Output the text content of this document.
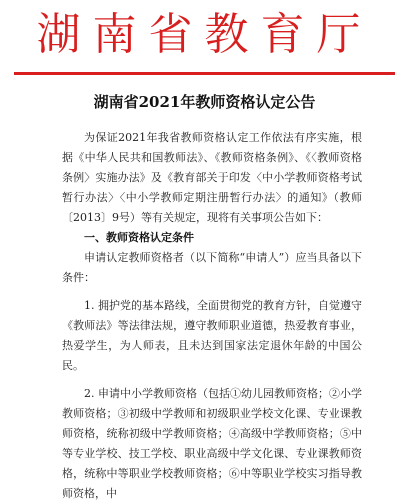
湖南省教育厅
湖南省2021年教师资格认定公告

为保证2021年我省教师资格认定工作依法有序实施，根据《中华人民共和国教师法》、《教师资格条例》、《〈教师资格条例〉实施办法》及《教育部关于印发〈中小学教师资格考试暂行办法〉〈中小学教师定期注册暂行办法〉的通知》（教师〔2013〕9号）等有关规定，现将有关事项公告如下：

一、教师资格认定条件

申请认定教师资格者（以下简称“申请人”）应当具备以下条件：

1. 拥护党的基本路线，全面贯彻党的教育方针，自觉遵守《教师法》等法律法规，遵守教师职业道德，热爱教育事业，热爱学生，为人师表，且未达到国家法定退休年龄的中国公民。

2. 申请中小学教师资格（包括①幼儿园教师资格；②小学教师资格；③初级中学教师和初级职业学校文化课、专业课教师资格，统称初级中学教师资格；④高级中学教师资格；⑤中等专业学校、技工学校、职业高级中学文化课、专业课教师资格，统称中等职业学校教师资格；⑥中等职业学校实习指导教师资格，中
